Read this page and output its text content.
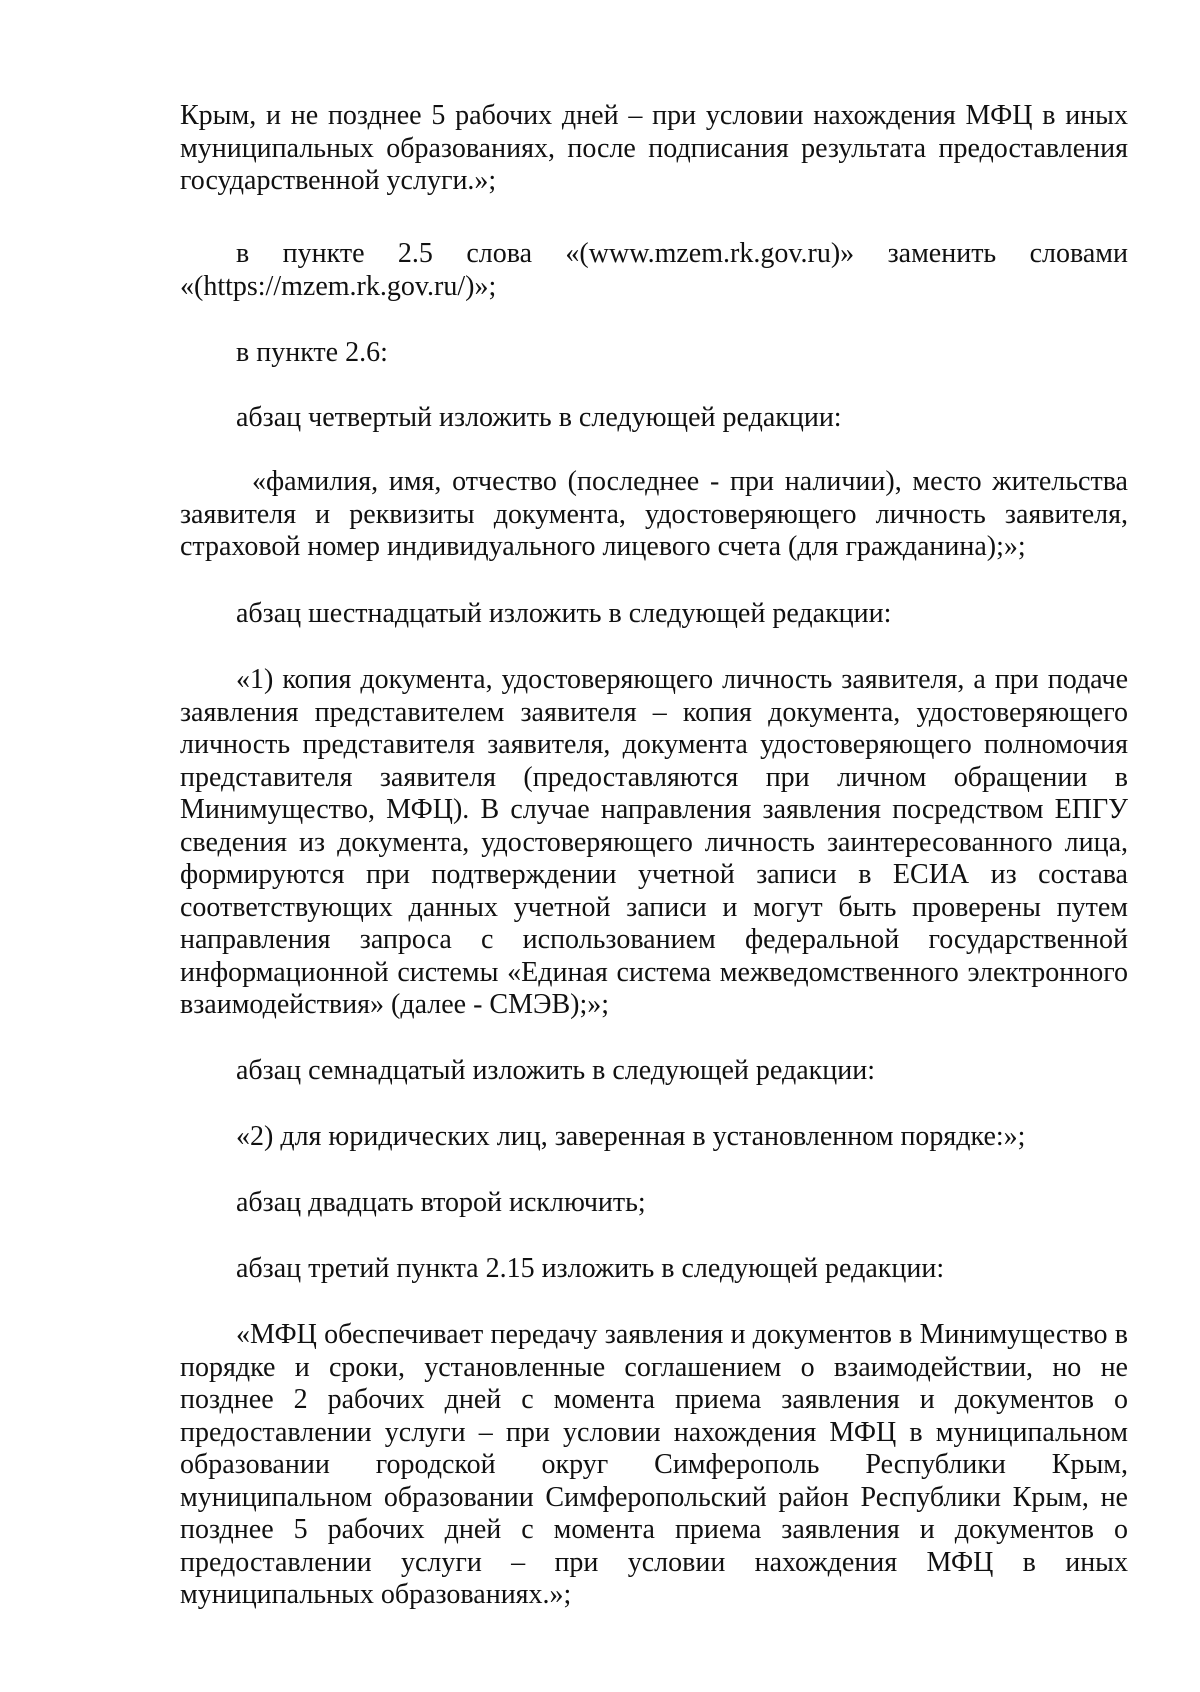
Крым, и не позднее 5 рабочих дней – при условии нахождения МФЦ в иных муниципальных образованиях, после подписания результата предоставления государственной услуги.»;

в пункте 2.5 слова «(www.mzem.rk.gov.ru)» заменить словами «(https://mzem.rk.gov.ru/)»;

в пункте 2.6:

абзац четвертый изложить в следующей редакции:

«фамилия, имя, отчество (последнее - при наличии), место жительства заявителя и реквизиты документа, удостоверяющего личность заявителя, страховой номер индивидуального лицевого счета (для гражданина);»;

абзац шестнадцатый изложить в следующей редакции:

«1) копия документа, удостоверяющего личность заявителя, а при подаче заявления представителем заявителя – копия документа, удостоверяющего личность представителя заявителя, документа удостоверяющего полномочия представителя заявителя (предоставляются при личном обращении в Минимущество, МФЦ). В случае направления заявления посредством ЕПГУ сведения из документа, удостоверяющего личность заинтересованного лица, формируются при подтверждении учетной записи в ЕСИА из состава соответствующих данных учетной записи и могут быть проверены путем направления запроса с использованием федеральной государственной информационной системы «Единая система межведомственного электронного взаимодействия» (далее - СМЭВ);»;

абзац семнадцатый изложить в следующей редакции:

«2) для юридических лиц, заверенная в установленном порядке:»;

абзац двадцать второй исключить;

абзац третий пункта 2.15 изложить в следующей редакции:

«МФЦ обеспечивает передачу заявления и документов в Минимущество в порядке и сроки, установленные соглашением о взаимодействии, но не позднее 2 рабочих дней с момента приема заявления и документов о предоставлении услуги – при условии нахождения МФЦ в муниципальном образовании городской округ Симферополь Республики Крым, муниципальном образовании Симферопольский район Республики Крым, не позднее 5 рабочих дней с момента приема заявления и документов о предоставлении услуги – при условии нахождения МФЦ в иных муниципальных образованиях.»;
